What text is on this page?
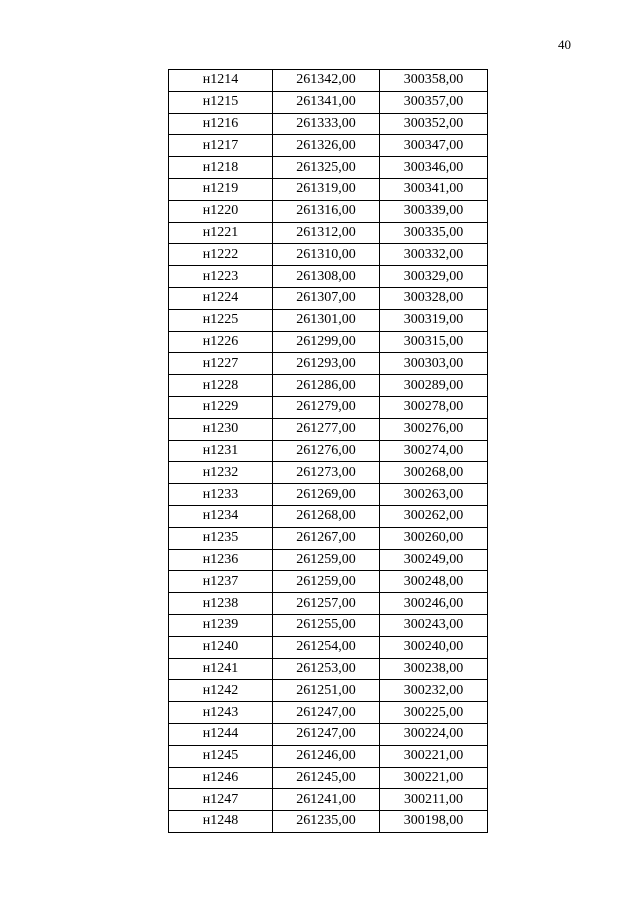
40
н1214	261342,00	300358,00
н1215	261341,00	300357,00
н1216	261333,00	300352,00
н1217	261326,00	300347,00
н1218	261325,00	300346,00
н1219	261319,00	300341,00
н1220	261316,00	300339,00
н1221	261312,00	300335,00
н1222	261310,00	300332,00
н1223	261308,00	300329,00
н1224	261307,00	300328,00
н1225	261301,00	300319,00
н1226	261299,00	300315,00
н1227	261293,00	300303,00
н1228	261286,00	300289,00
н1229	261279,00	300278,00
н1230	261277,00	300276,00
н1231	261276,00	300274,00
н1232	261273,00	300268,00
н1233	261269,00	300263,00
н1234	261268,00	300262,00
н1235	261267,00	300260,00
н1236	261259,00	300249,00
н1237	261259,00	300248,00
н1238	261257,00	300246,00
н1239	261255,00	300243,00
н1240	261254,00	300240,00
н1241	261253,00	300238,00
н1242	261251,00	300232,00
н1243	261247,00	300225,00
н1244	261247,00	300224,00
н1245	261246,00	300221,00
н1246	261245,00	300221,00
н1247	261241,00	300211,00
н1248	261235,00	300198,00
